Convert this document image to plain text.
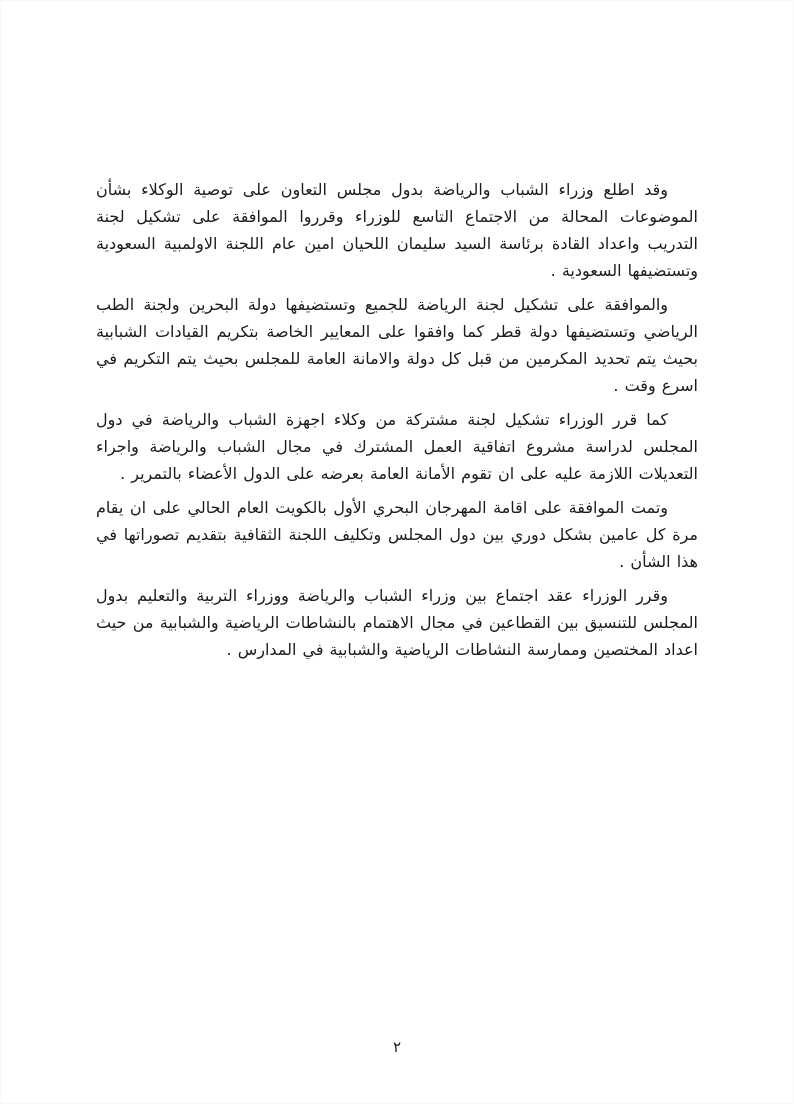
وقد اطلع وزراء الشباب والرياضة بدول مجلس التعاون على توصية الوكلاء بشأن الموضوعات المحالة من الاجتماع التاسع للوزراء وقرروا الموافقة على تشكيل لجنة التدريب واعداد القادة برئاسة السيد سليمان اللحيان امين عام اللجنة الاولمبية السعودية وتستضيفها السعودية .

والموافقة على تشكيل لجنة الرياضة للجميع وتستضيفها دولة البحرين ولجنة الطب الرياضي وتستضيفها دولة قطر كما وافقوا على المعايير الخاصة بتكريم القيادات الشبابية بحيث يتم تحديد المكرمين من قبل كل دولة والامانة العامة للمجلس بحيث يتم التكريم في اسرع وقت .

كما قرر الوزراء تشكيل لجنة مشتركة من وكلاء اجهزة الشباب والرياضة في دول المجلس لدراسة مشروع اتفاقية العمل المشترك في مجال الشباب والرياضة واجراء التعديلات اللازمة عليه على ان تقوم الأمانة العامة بعرضه على الدول الأعضاء بالتمرير .

وتمت الموافقة على اقامة المهرجان البحري الأول بالكويت العام الحالي على ان يقام مرة كل عامين بشكل دوري بين دول المجلس وتكليف اللجنة الثقافية بتقديم تصوراتها في هذا الشأن .

وقرر الوزراء عقد اجتماع بين وزراء الشباب والرياضة ووزراء التربية والتعليم بدول المجلس للتنسيق بين القطاعين في مجال الاهتمام بالنشاطات الرياضية والشبابية من حيث اعداد المختصين وممارسة النشاطات الرياضية والشبابية في المدارس .

٢
